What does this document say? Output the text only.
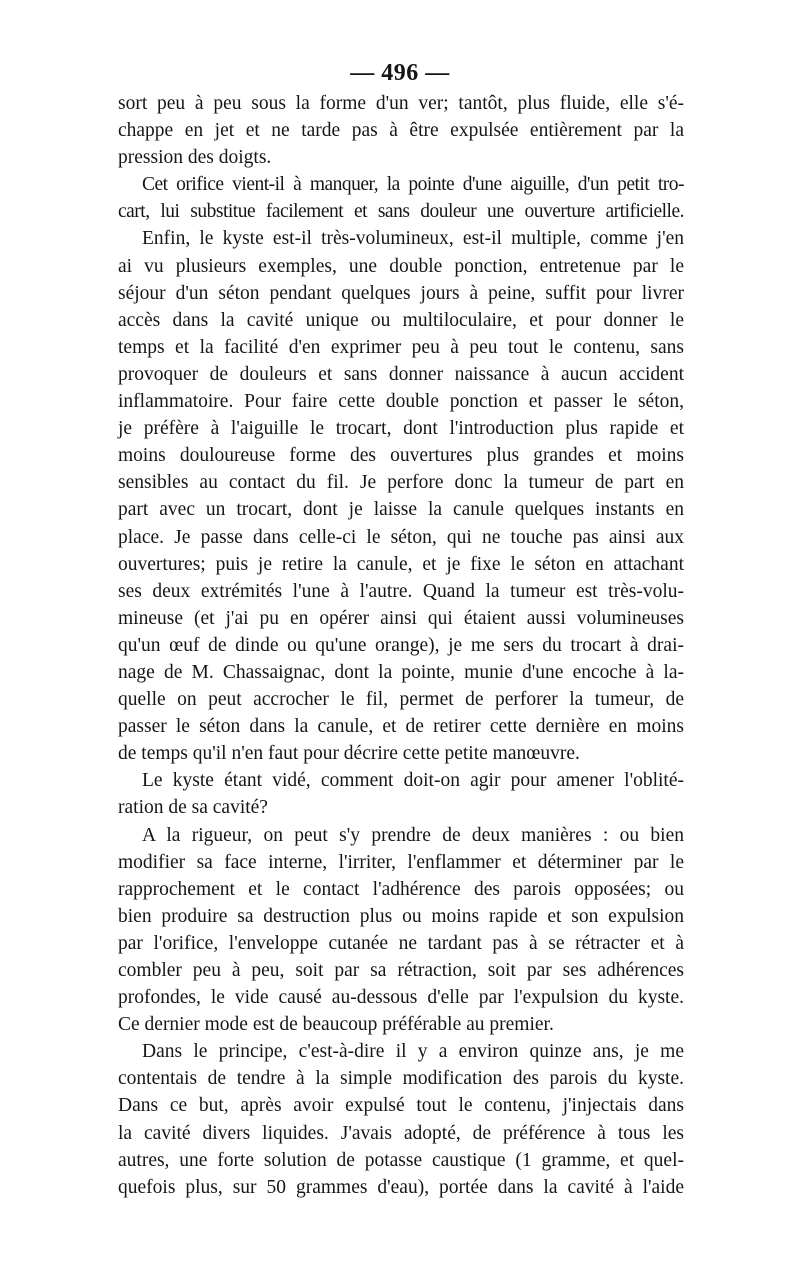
— 496 —
sort peu à peu sous la forme d'un ver; tantôt, plus fluide, elle s'é-
chappe en jet et ne tarde pas à être expulsée entièrement par la
pression des doigts.
Cet orifice vient-il à manquer, la pointe d'une aiguille, d'un petit tro-
cart, lui substitue facilement et sans douleur une ouverture artificielle.
Enfin, le kyste est-il très-volumineux, est-il multiple, comme j'en
ai vu plusieurs exemples, une double ponction, entretenue par le
séjour d'un séton pendant quelques jours à peine, suffit pour livrer
accès dans la cavité unique ou multiloculaire, et pour donner le
temps et la facilité d'en exprimer peu à peu tout le contenu, sans
provoquer de douleurs et sans donner naissance à aucun accident
inflammatoire. Pour faire cette double ponction et passer le séton,
je préfère à l'aiguille le trocart, dont l'introduction plus rapide et
moins douloureuse forme des ouvertures plus grandes et moins
sensibles au contact du fil. Je perfore donc la tumeur de part en
part avec un trocart, dont je laisse la canule quelques instants en
place. Je passe dans celle-ci le séton, qui ne touche pas ainsi aux
ouvertures; puis je retire la canule, et je fixe le séton en attachant
ses deux extrémités l'une à l'autre. Quand la tumeur est très-volu-
mineuse (et j'ai pu en opérer ainsi qui étaient aussi volumineuses
qu'un œuf de dinde ou qu'une orange), je me sers du trocart à drai-
nage de M. Chassaignac, dont la pointe, munie d'une encoche à la-
quelle on peut accrocher le fil, permet de perforer la tumeur, de
passer le séton dans la canule, et de retirer cette dernière en moins
de temps qu'il n'en faut pour décrire cette petite manœuvre.
Le kyste étant vidé, comment doit-on agir pour amener l'oblité-
ration de sa cavité?
A la rigueur, on peut s'y prendre de deux manières : ou bien
modifier sa face interne, l'irriter, l'enflammer et déterminer par le
rapprochement et le contact l'adhérence des parois opposées; ou
bien produire sa destruction plus ou moins rapide et son expulsion
par l'orifice, l'enveloppe cutanée ne tardant pas à se rétracter et à
combler peu à peu, soit par sa rétraction, soit par ses adhérences
profondes, le vide causé au-dessous d'elle par l'expulsion du kyste.
Ce dernier mode est de beaucoup préférable au premier.
Dans le principe, c'est-à-dire il y a environ quinze ans, je me
contentais de tendre à la simple modification des parois du kyste.
Dans ce but, après avoir expulsé tout le contenu, j'injectais dans
la cavité divers liquides. J'avais adopté, de préférence à tous les
autres, une forte solution de potasse caustique (1 gramme, et quel-
quefois plus, sur 50 grammes d'eau), portée dans la cavité à l'aide
